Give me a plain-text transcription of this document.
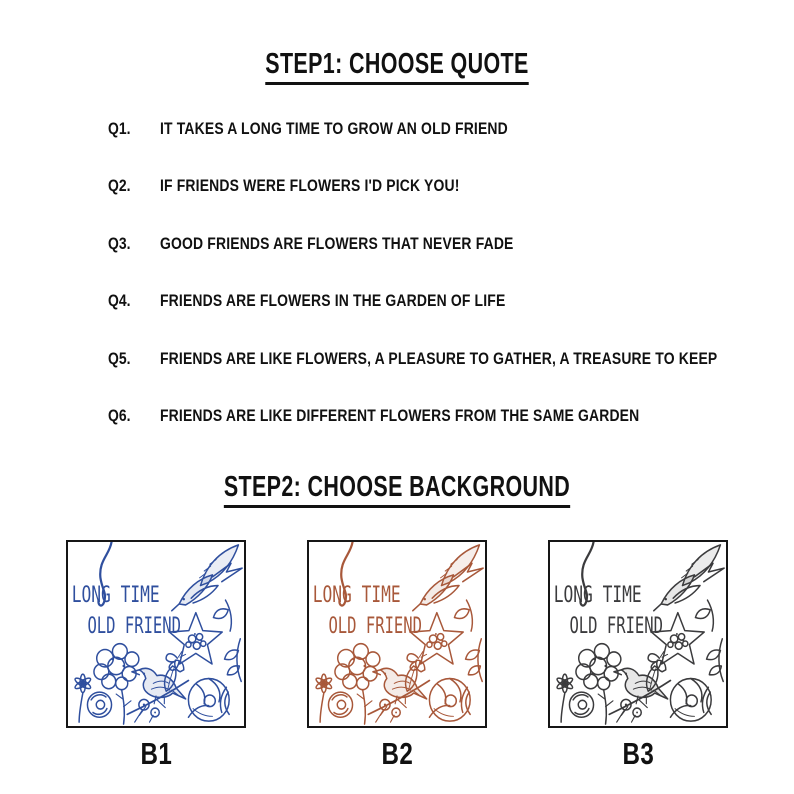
STEP1: CHOOSE QUOTE
Q1.	IT TAKES A LONG TIME TO GROW AN OLD FRIEND
Q2.	IF FRIENDS WERE FLOWERS I'D PICK YOU!
Q3.	GOOD FRIENDS ARE FLOWERS THAT NEVER FADE
Q4.	FRIENDS ARE FLOWERS IN THE GARDEN OF LIFE
Q5.	FRIENDS ARE LIKE FLOWERS, A PLEASURE TO GATHER, A TREASURE TO KEEP
Q6.	FRIENDS ARE LIKE DIFFERENT FLOWERS FROM THE SAME GARDEN
STEP2: CHOOSE BACKGROUND
LONG TIME
OLD FRIEND
B1
LONG TIME
OLD FRIEND
B2
LONG TIME
OLD FRIEND
B3
